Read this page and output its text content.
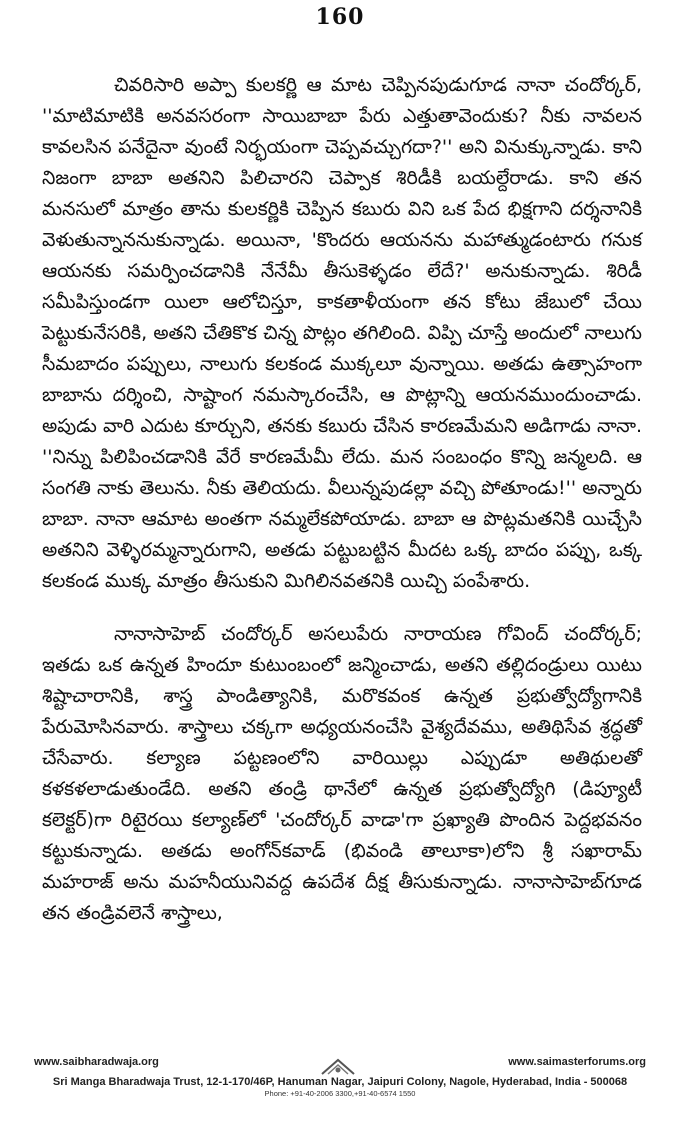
160

చివరిసారి అప్పా కులకర్ణి ఆ మాట చెప్పినపుడుగూడ నానా చందోర్కర్, ''మాటిమాటికి అనవసరంగా సాయిబాబా పేరు ఎత్తుతావెందుకు? నీకు నావలన కావలసిన పనేదైనా వుంటే నిర్భయంగా చెప్పవచ్చుగదా?'' అని వినుక్కున్నాడు. కాని నిజంగా బాబా అతనిని పిలిచారని చెప్పాక శిరిడీకి బయల్దేరాడు. కాని తన మనసులో మాత్రం తాను కులకర్ణికి చెప్పిన కబురు విని ఒక పేద భిక్షగాని దర్శనానికి వెళుతున్నాననుకున్నాడు. అయినా, 'కొందరు ఆయనను మహాత్ముడంటారు గనుక ఆయనకు సమర్పించడానికి నేనేమీ తీసుకెళ్ళడం లేదే?' అనుకున్నాడు. శిరిడీ సమీపిస్తుండగా యిలా ఆలోచిస్తూ, కాకతాళీయంగా తన కోటు జేబులో చేయి పెట్టుకునేసరికి, అతని చేతికొక చిన్న పొట్లం తగిలింది. విప్పి చూస్తే అందులో నాలుగు సీమబాదం పప్పులు, నాలుగు కలకండ ముక్కలూ వున్నాయి. అతడు ఉత్సాహంగా బాబాను దర్శించి, సాష్టాంగ నమస్కారంచేసి, ఆ పొట్లాన్ని ఆయనముందుంచాడు. అపుడు వారి ఎదుట కూర్చుని, తనకు కబురు చేసిన కారణమేమని అడిగాడు నానా. ''నిన్ను పిలిపించడానికి వేరే కారణమేమీ లేదు. మన సంబంధం కొన్ని జన్మలది. ఆ సంగతి నాకు తెలును. నీకు తెలియదు. వీలున్నపుడల్లా వచ్చి పోతూండు!'' అన్నారు బాబా. నానా ఆమాట అంతగా నమ్మలేకపోయాడు. బాబా ఆ పొట్లమతనికి యిచ్చేసి అతనిని వెళ్ళిరమ్మన్నారుగాని, అతడు పట్టుబట్టిన మీదట ఒక్క బాదం పప్పు, ఒక్క కలకండ ముక్క మాత్రం తీసుకుని మిగిలినవతనికి యిచ్చి పంపేశారు.

నానాసాహెబ్ చందోర్కర్ అసలుపేరు నారాయణ గోవింద్ చందోర్కర్; ఇతడు ఒక ఉన్నత హిందూ కుటుంబంలో జన్మించాడు, అతని తల్లిదండ్రులు యిటు శిష్టాచారానికి, శాస్త్ర పాండిత్యానికి, మరొకవంక ఉన్నత ప్రభుత్వోద్యోగానికి పేరుమోసినవారు. శాస్త్రాలు చక్కగా అధ్యయనంచేసి వైశ్యదేవము, అతిథిసేవ శ్రద్ధతో చేసేవారు. కల్యాణ పట్టణంలోని వారియిల్లు ఎప్పుడూ అతిథులతో కళకళలాడుతుండేది. అతని తండ్రి థానేలో ఉన్నత ప్రభుత్వోద్యోగి (డిప్యూటీ కలెక్టర్)గా రిటైరయి కల్యాణ్‌లో 'చందోర్కర్ వాడా'గా ప్రఖ్యాతి పొందిన పెద్దభవనం కట్టుకున్నాడు. అతడు అంగోన్‌కవాడ్ (భివండి తాలూకా)లోని శ్రీ సఖారామ్ మహరాజ్ అను మహనీయునివద్ద ఉపదేశ దీక్ష తీసుకున్నాడు. నానాసాహెబ్‌గూడ తన తండ్రివలెనే శాస్త్రాలు,

www.saibharadwaja.org	www.saimasterforums.org
Sri Manga Bharadwaja Trust, 12-1-170/46P, Hanuman Nagar, Jaipuri Colony, Nagole, Hyderabad, India - 500068
Phone: +91-40-2006 3300,+91-40-6574 1550
